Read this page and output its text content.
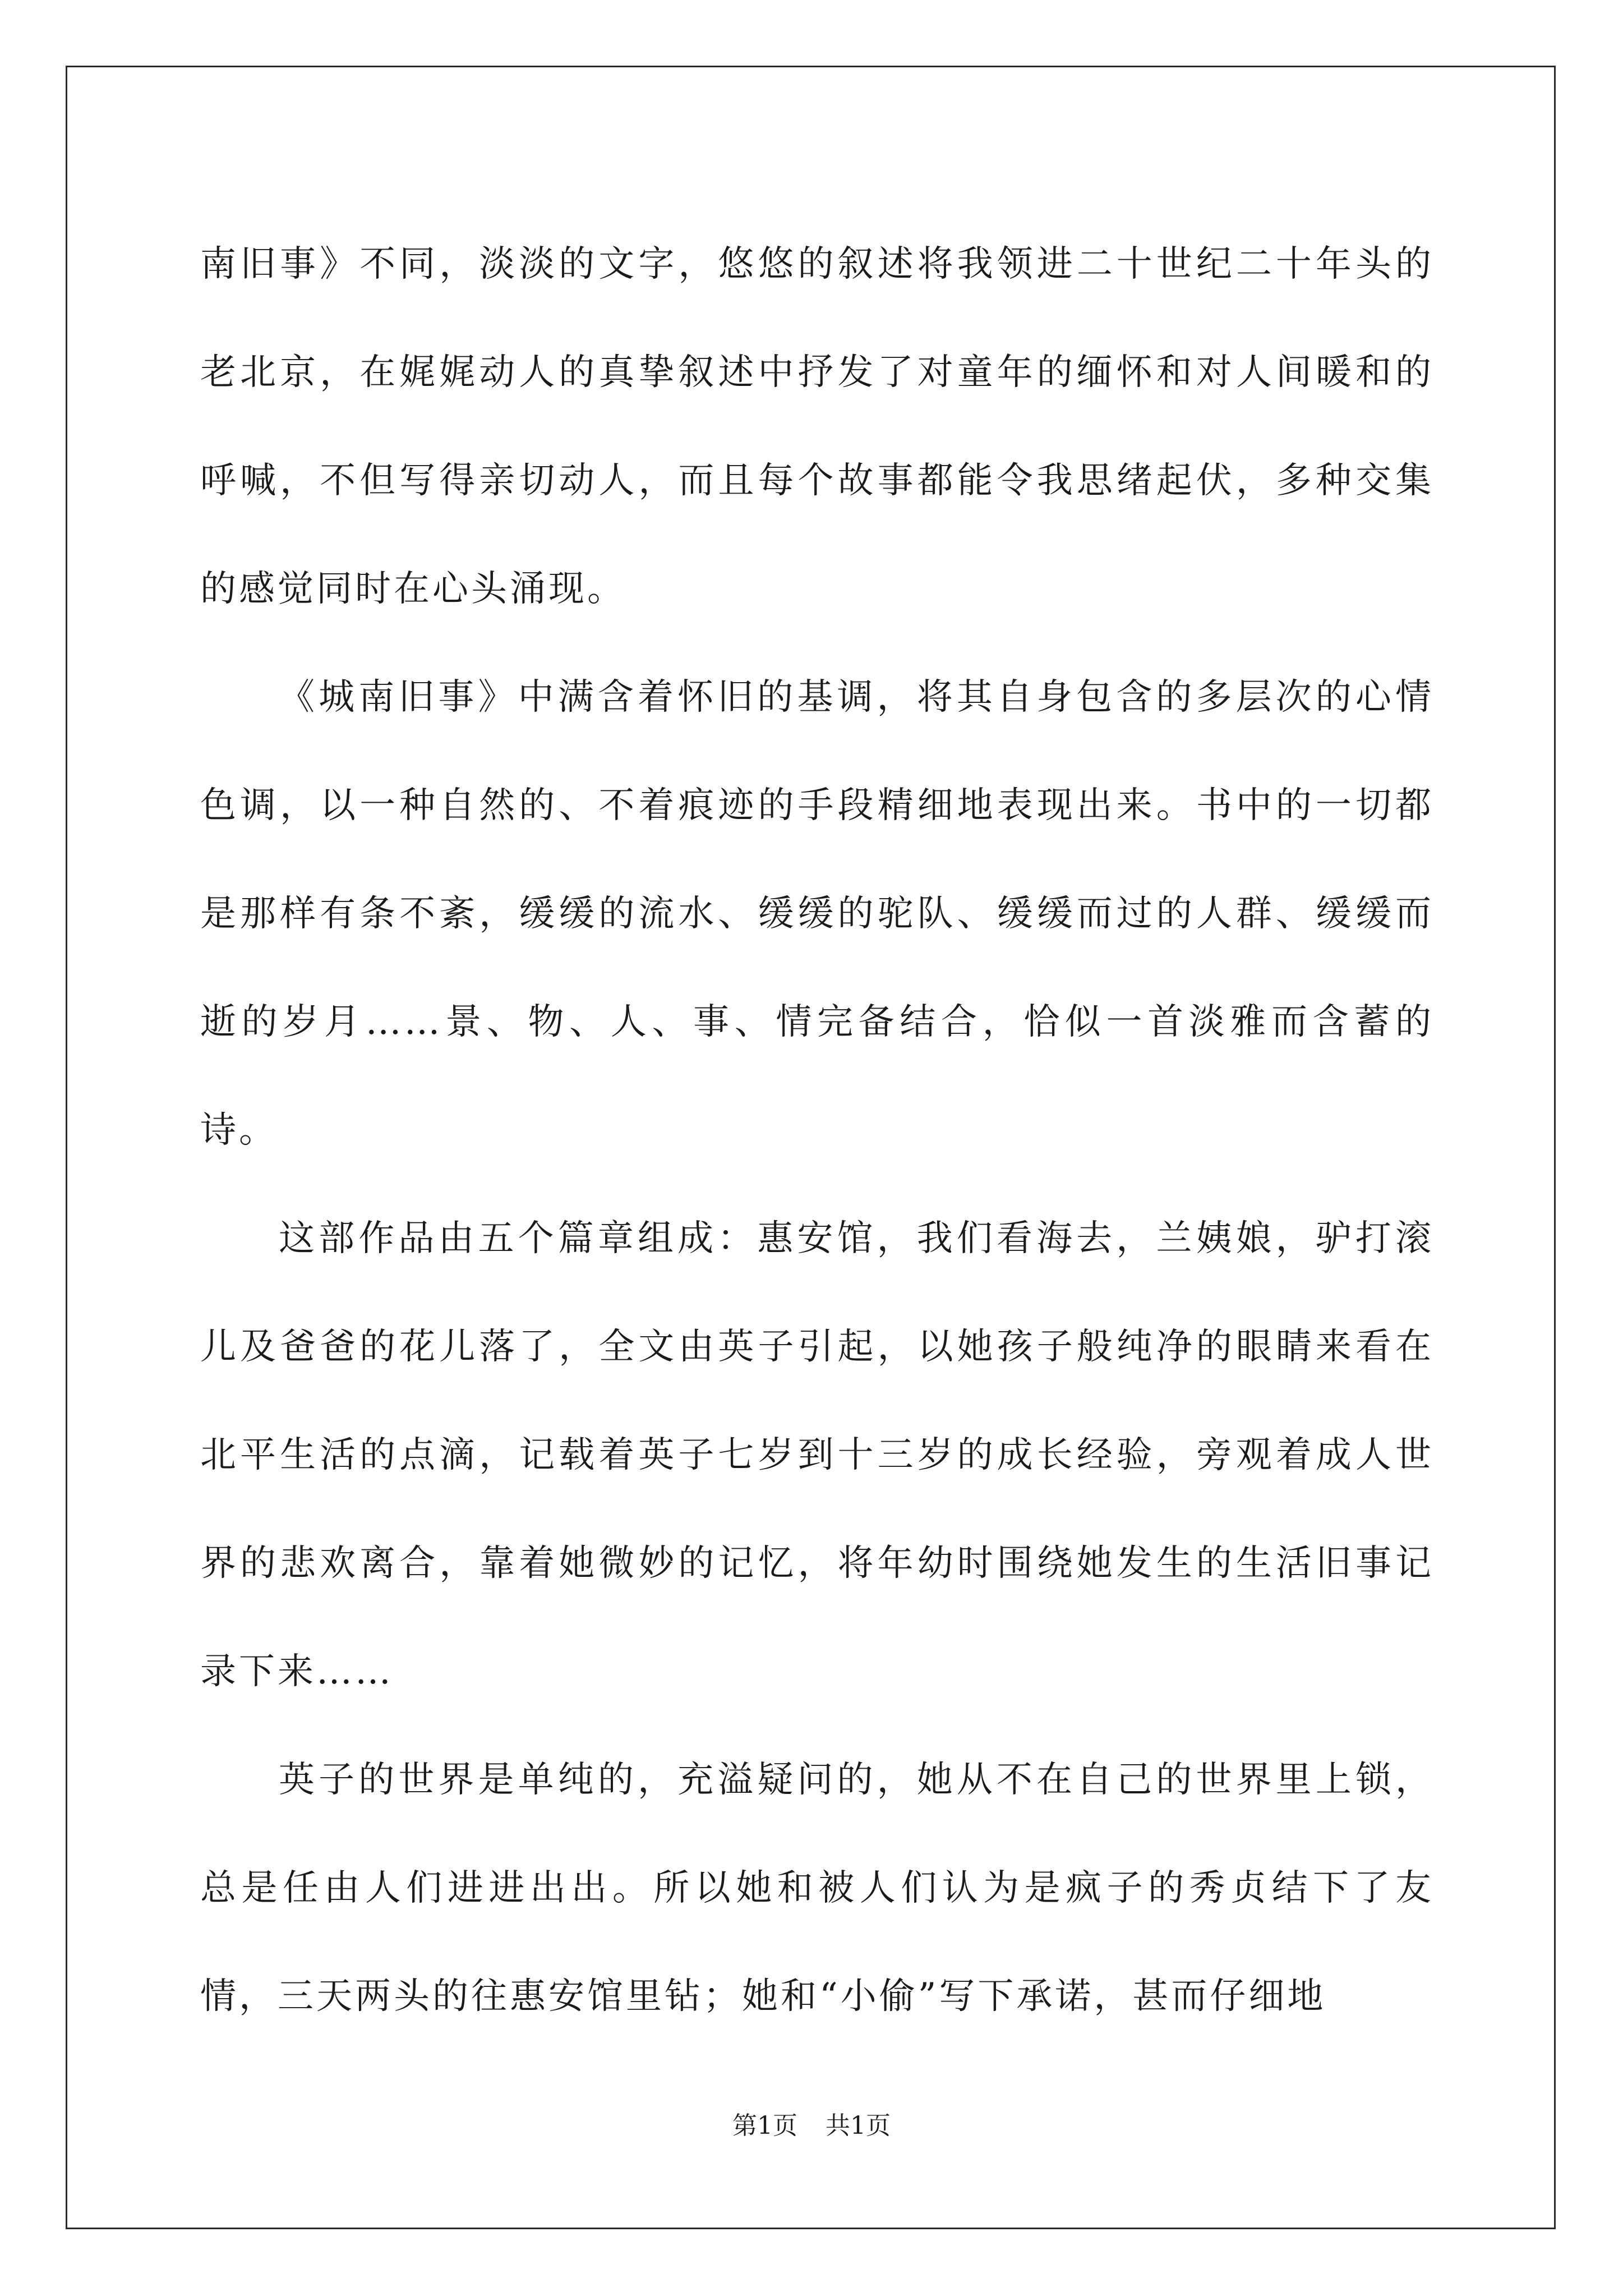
南旧事》不同，淡淡的文字，悠悠的叙述将我领进二十世纪二十年头的老北京，在娓娓动人的真挚叙述中抒发了对童年的缅怀和对人间暖和的呼喊，不但写得亲切动人，而且每个故事都能令我思绪起伏，多种交集的感觉同时在心头涌现。

《城南旧事》中满含着怀旧的基调，将其自身包含的多层次的心情色调，以一种自然的、不着痕迹的手段精细地表现出来。书中的一切都是那样有条不紊，缓缓的流水、缓缓的驼队、缓缓而过的人群、缓缓而逝的岁月……景、物、人、事、情完备结合，恰似一首淡雅而含蓄的诗。

这部作品由五个篇章组成：惠安馆，我们看海去，兰姨娘，驴打滚儿及爸爸的花儿落了，全文由英子引起，以她孩子般纯净的眼睛来看在北平生活的点滴，记载着英子七岁到十三岁的成长经验，旁观着成人世界的悲欢离合，靠着她微妙的记忆，将年幼时围绕她发生的生活旧事记录下来……

英子的世界是单纯的，充溢疑问的，她从不在自己的世界里上锁，总是任由人们进进出出。所以她和被人们认为是疯子的秀贞结下了友情，三天两头的往惠安馆里钻；她和“小偷”写下承诺，甚而仔细地

第1页 共1页
